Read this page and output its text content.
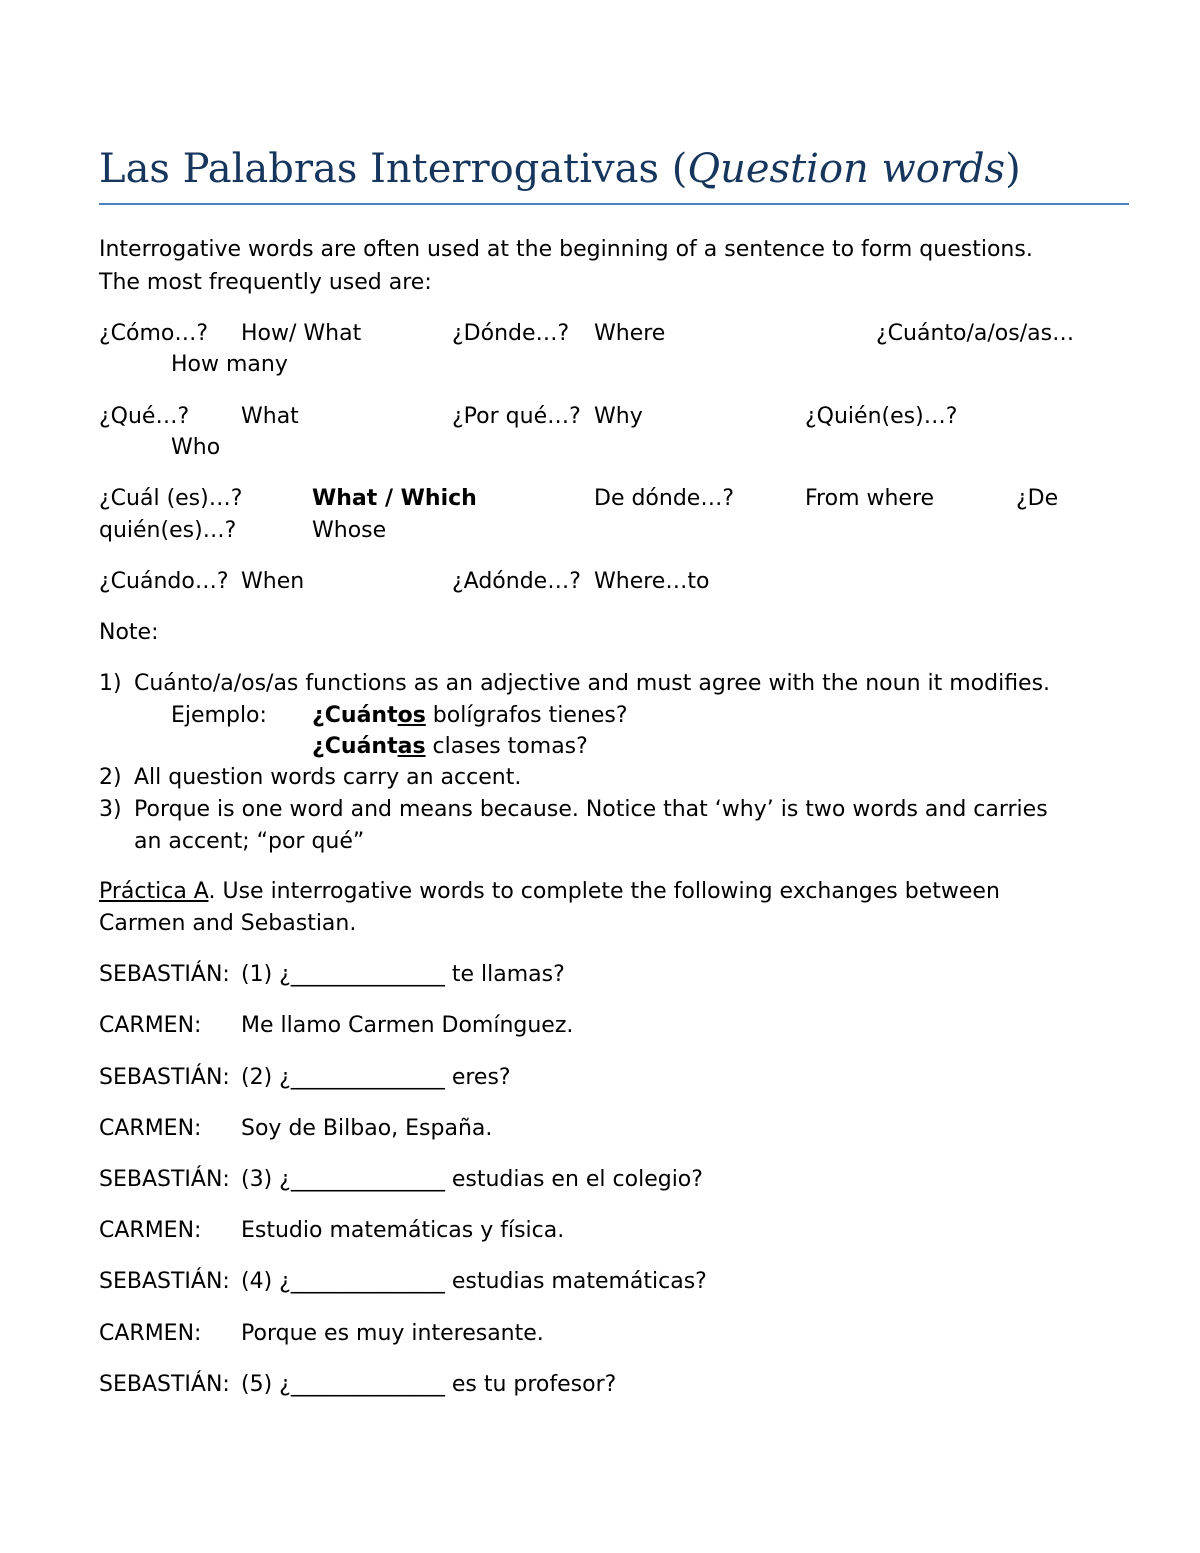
Las Palabras Interrogativas (Question words)
Interrogative words are often used at the beginning of a sentence to form questions.
The most frequently used are:
¿Cómo…? How/ What	¿Dónde…? Where	¿Cuánto/a/os/as…
How many
¿Qué…? What	¿Por qué…? Why	¿Quién(es)…?
Who
¿Cuál (es)…?	What / Which	De dónde…?	From where	¿De
quién(es)…?	Whose
¿Cuándo…? When	¿Adónde…? Where…to
Note:
1) Cuánto/a/os/as functions as an adjective and must agree with the noun it modifies.
Ejemplo: ¿Cuántos bolígrafos tienes?
¿Cuántas clases tomas?
2) All question words carry an accent.
3) Porque is one word and means because. Notice that ‘why’ is two words and carries
an accent; “por qué”
Práctica A. Use interrogative words to complete the following exchanges between
Carmen and Sebastian.
SEBASTIÁN: (1) ¿______________ te llamas?
CARMEN: Me llamo Carmen Domínguez.
SEBASTIÁN: (2) ¿______________ eres?
CARMEN: Soy de Bilbao, España.
SEBASTIÁN: (3) ¿______________ estudias en el colegio?
CARMEN: Estudio matemáticas y física.
SEBASTIÁN: (4) ¿______________ estudias matemáticas?
CARMEN: Porque es muy interesante.
SEBASTIÁN: (5) ¿______________ es tu profesor?
